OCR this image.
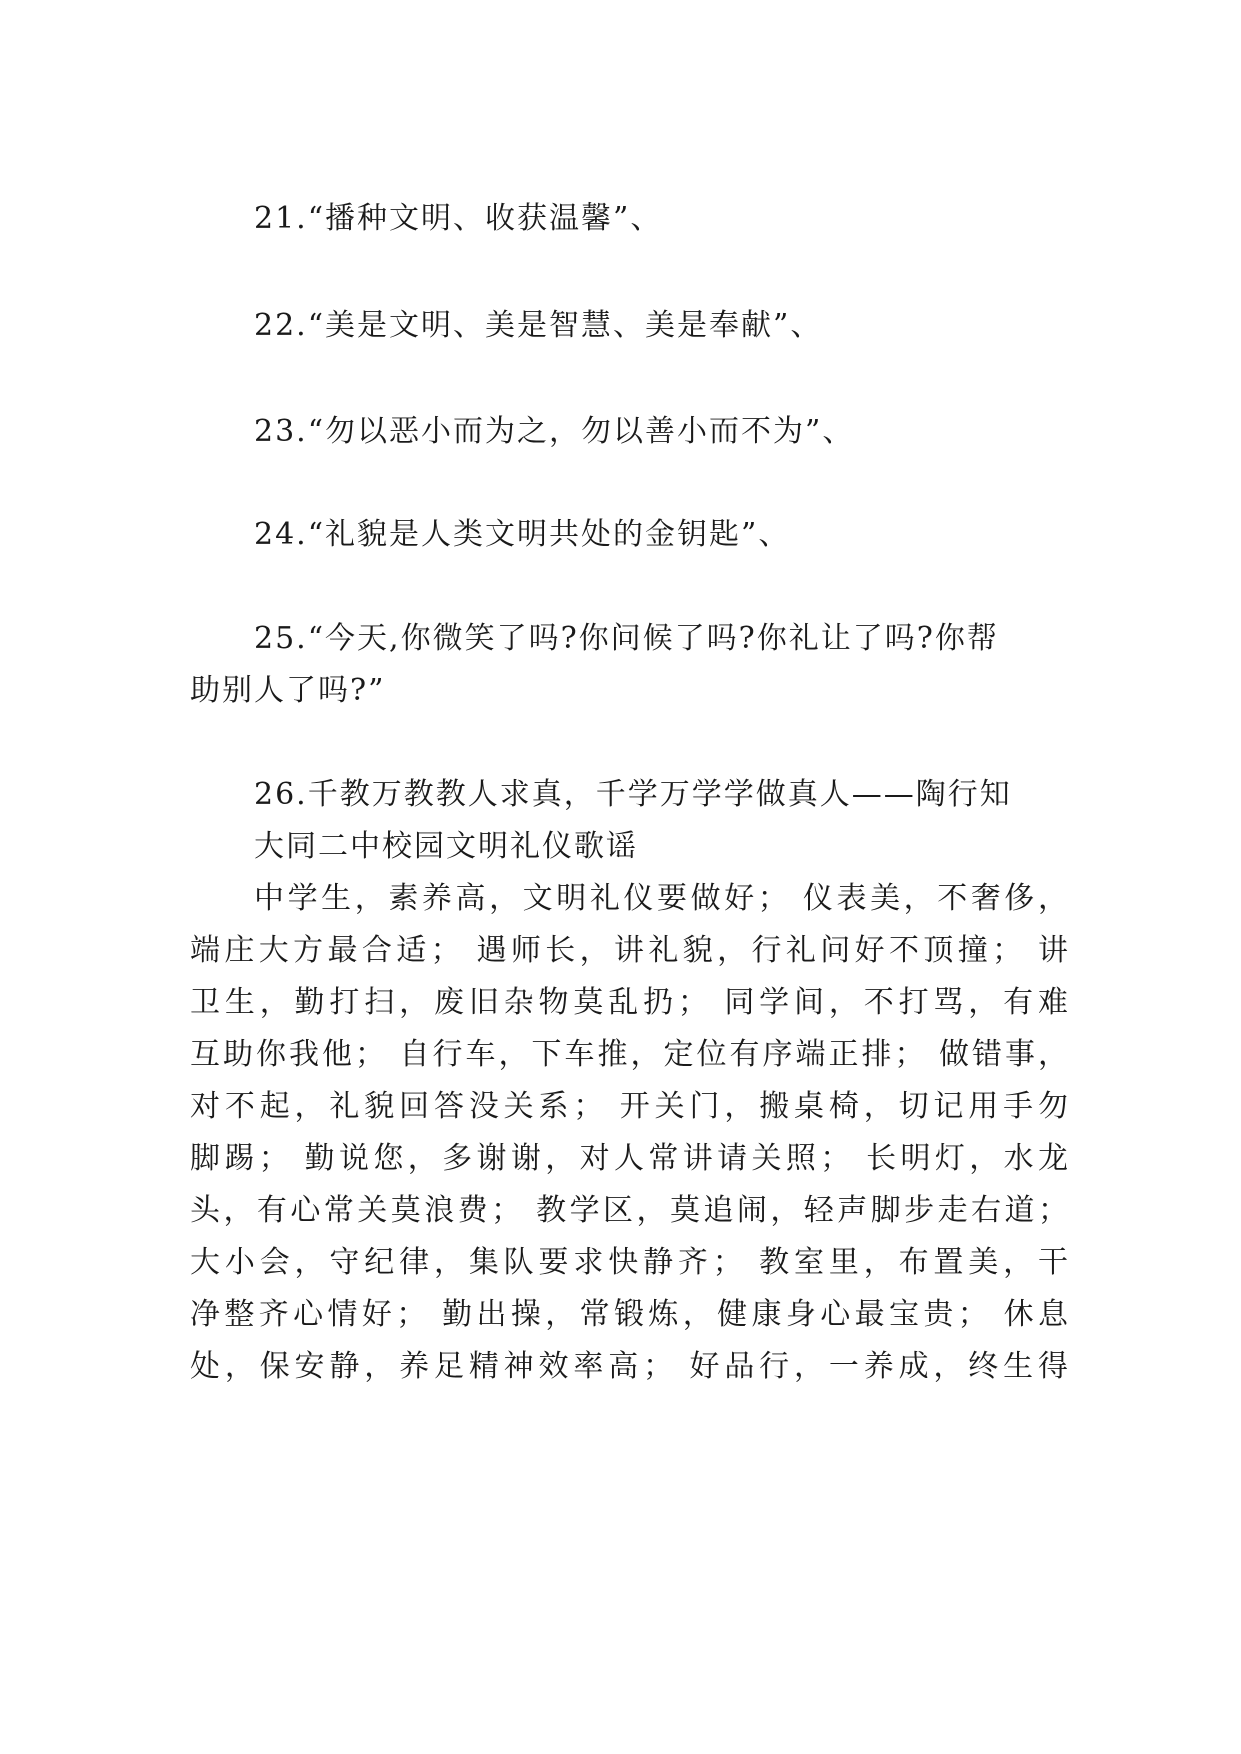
21.“播种文明、收获温馨”、
22.“美是文明、美是智慧、美是奉献”、
23.“勿以恶小而为之，勿以善小而不为”、
24.“礼貌是人类文明共处的金钥匙”、
25.“今天,你微笑了吗?你问候了吗?你礼让了吗?你帮
助别人了吗?”
26.千教万教教人求真，千学万学学做真人——陶行知
大同二中校园文明礼仪歌谣
中学生，素养高，文明礼仪要做好； 仪表美，不奢侈，
端庄大方最合适； 遇师长，讲礼貌，行礼问好不顶撞； 讲
卫生，勤打扫，废旧杂物莫乱扔； 同学间，不打骂，有难
互助你我他； 自行车，下车推，定位有序端正排； 做错事，
对不起，礼貌回答没关系； 开关门，搬桌椅，切记用手勿
脚踢； 勤说您，多谢谢，对人常讲请关照； 长明灯，水龙
头，有心常关莫浪费； 教学区，莫追闹，轻声脚步走右道；
大小会，守纪律，集队要求快静齐； 教室里，布置美，干
净整齐心情好； 勤出操，常锻炼，健康身心最宝贵； 休息
处，保安静，养足精神效率高； 好品行，一养成，终生得
